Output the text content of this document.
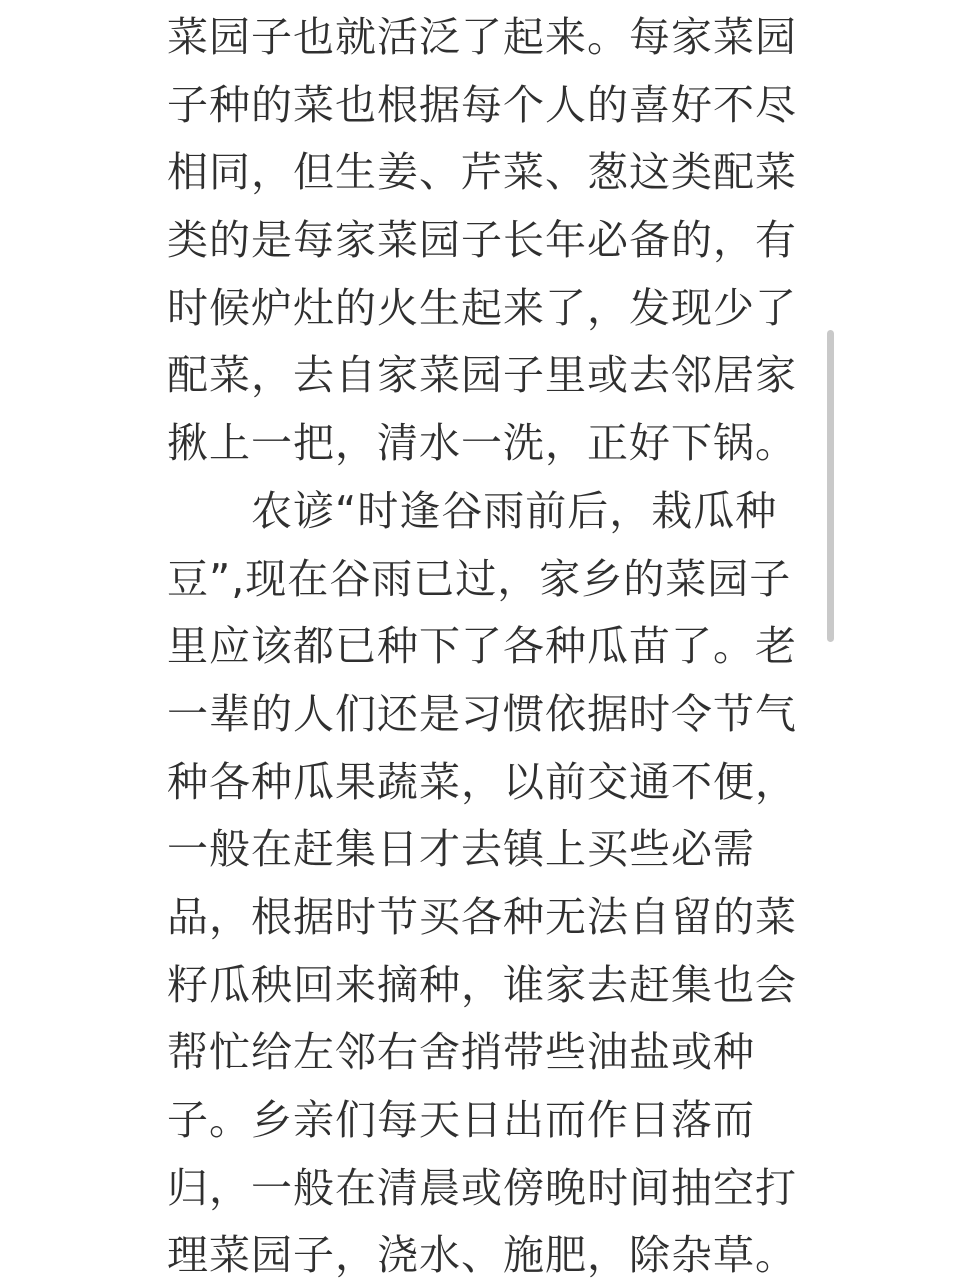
菜园子也就活泛了起来。每家菜园
子种的菜也根据每个人的喜好不尽
相同，但生姜、芹菜、葱这类配菜
类的是每家菜园子长年必备的，有
时候炉灶的火生起来了，发现少了
配菜，去自家菜园子里或去邻居家
揪上一把，清水一洗，正好下锅。
　　农谚“时逢谷雨前后，栽瓜种
豆”,现在谷雨已过，家乡的菜园子
里应该都已种下了各种瓜苗了。老
一辈的人们还是习惯依据时令节气
种各种瓜果蔬菜，以前交通不便，
一般在赶集日才去镇上买些必需
品，根据时节买各种无法自留的菜
籽瓜秧回来摘种，谁家去赶集也会
帮忙给左邻右舍捎带些油盐或种
子。乡亲们每天日出而作日落而
归，一般在清晨或傍晚时间抽空打
理菜园子，浇水、施肥，除杂草。
